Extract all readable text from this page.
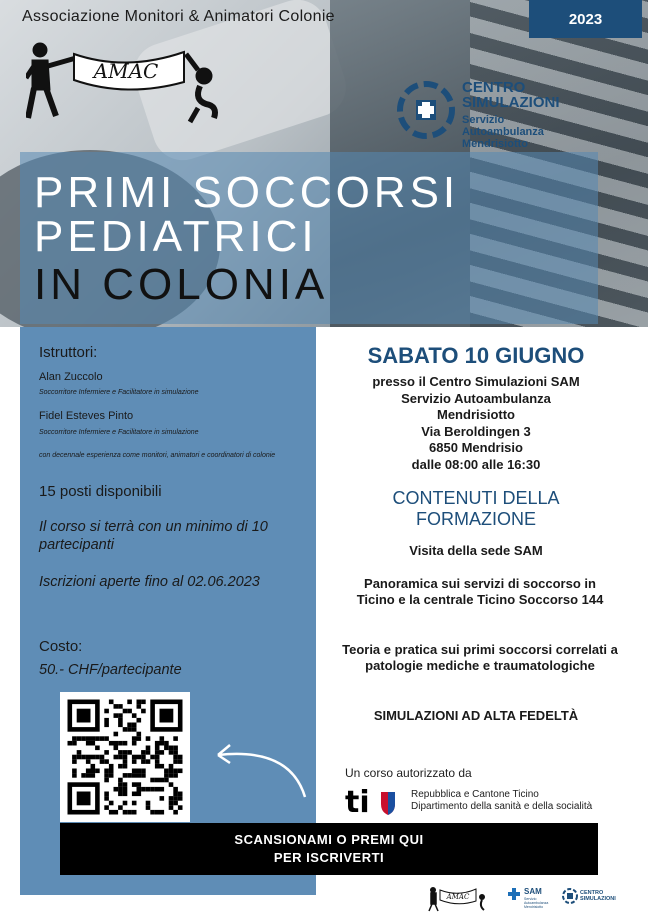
Associazione Monitori & Animatori Colonie	2023
AMAC
CENTRO
SIMULAZIONI
Servizio
Autoambulanza
Mendrisiotto
PRIMI SOCCORSI
PEDIATRICI
IN COLONIA
Istruttori:
Alan Zuccolo
Soccorritore Infermiere e Facilitatore in simulazione
Fidel Esteves Pinto
Soccorritore Infermiere e Facilitatore in simulazione
con decennale esperienza come monitori, animatori e coordinatori di colonie
15 posti disponibili
Il corso si terrà con un minimo di 10 partecipanti
Iscrizioni aperte fino al 02.06.2023
Costo:
50.- CHF/partecipante
SCANSIONAMI O PREMI QUI
PER ISCRIVERTI
SABATO 10 GIUGNO
presso il Centro Simulazioni SAM
Servizio Autoambulanza
Mendrisiotto
Via Beroldingen 3
6850 Mendrisio
dalle 08:00 alle 16:30
CONTENUTI DELLA
FORMAZIONE
Visita della sede SAM
Panoramica sui servizi di soccorso in Ticino e la centrale Ticino Soccorso 144
Teoria e pratica sui primi soccorsi correlati a patologie mediche e traumatologiche
SIMULAZIONI AD ALTA FEDELTÀ
Un corso autorizzato da
ti	Repubblica e Cantone Ticino
Dipartimento della sanità e della socialità
AMAC
SAM
Servizio
Autoambulanza
Mendrisiotto
CENTRO
SIMULAZIONI
